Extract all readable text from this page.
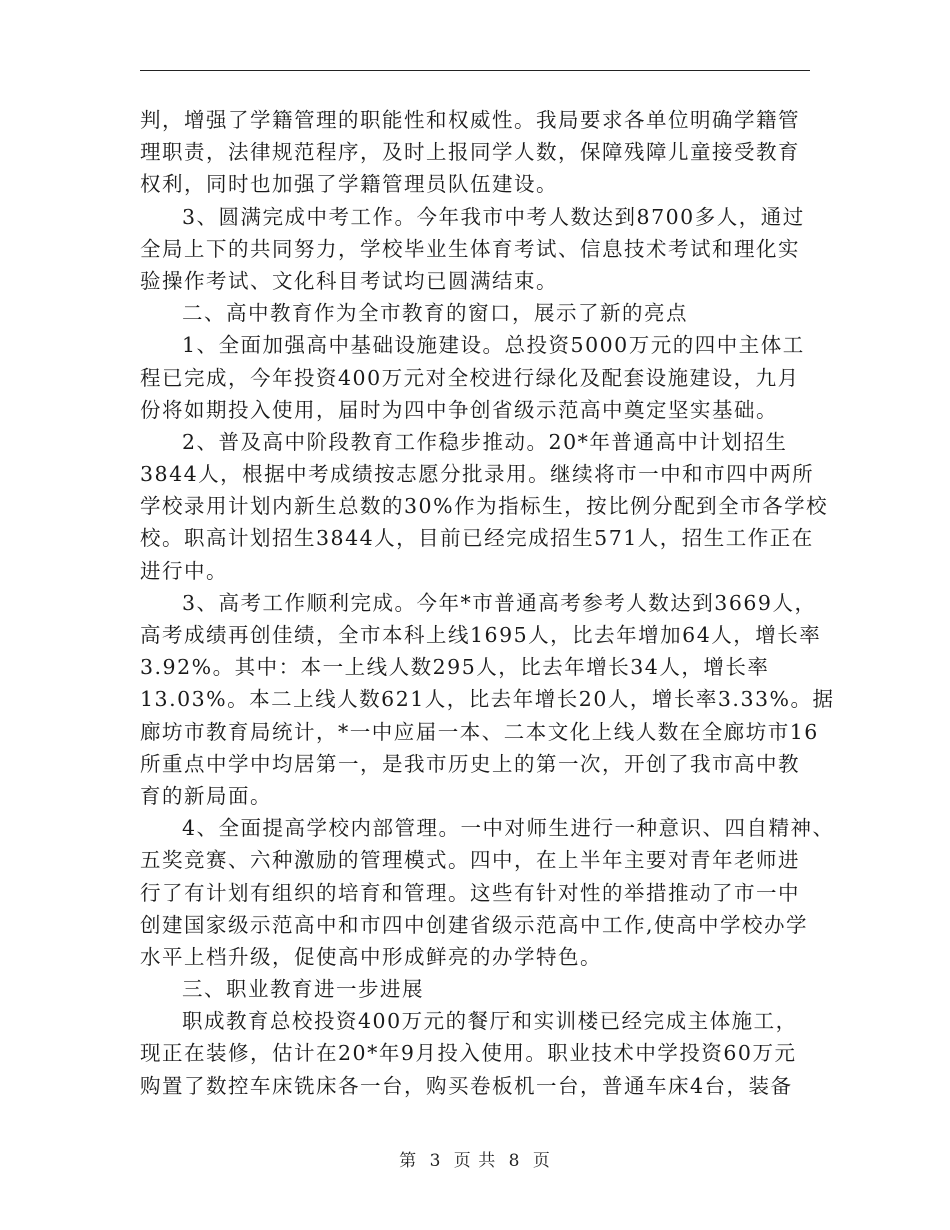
判，增强了学籍管理的职能性和权威性。我局要求各单位明确学籍管
理职责，法律规范程序，及时上报同学人数，保障残障儿童接受教育
权利，同时也加强了学籍管理员队伍建设。
3、圆满完成中考工作。今年我市中考人数达到8700多人，通过
全局上下的共同努力，学校毕业生体育考试、信息技术考试和理化实
验操作考试、文化科目考试均已圆满结束。
二、高中教育作为全市教育的窗口，展示了新的亮点
1、全面加强高中基础设施建设。总投资5000万元的四中主体工
程已完成，今年投资400万元对全校进行绿化及配套设施建设，九月
份将如期投入使用，届时为四中争创省级示范高中奠定坚实基础。
2、普及高中阶段教育工作稳步推动。20*年普通高中计划招生
3844人，根据中考成绩按志愿分批录用。继续将市一中和市四中两所
学校录用计划内新生总数的30%作为指标生，按比例分配到全市各学校
校。职高计划招生3844人，目前已经完成招生571人，招生工作正在
进行中。
3、高考工作顺利完成。今年*市普通高考参考人数达到3669人，
高考成绩再创佳绩，全市本科上线1695人，比去年增加64人，增长率
3.92%。其中：本一上线人数295人，比去年增长34人，增长率
13.03%。本二上线人数621人，比去年增长20人，增长率3.33%。据
廊坊市教育局统计，*一中应届一本、二本文化上线人数在全廊坊市16
所重点中学中均居第一，是我市历史上的第一次，开创了我市高中教
育的新局面。
4、全面提高学校内部管理。一中对师生进行一种意识、四自精神、
五奖竞赛、六种激励的管理模式。四中，在上半年主要对青年老师进
行了有计划有组织的培育和管理。这些有针对性的举措推动了市一中
创建国家级示范高中和市四中创建省级示范高中工作,使高中学校办学
水平上档升级，促使高中形成鲜亮的办学特色。
三、职业教育进一步进展
职成教育总校投资400万元的餐厅和实训楼已经完成主体施工，
现正在装修，估计在20*年9月投入使用。职业技术中学投资60万元
购置了数控车床铣床各一台，购买卷板机一台，普通车床4台，装备
第 3 页 共 8 页
